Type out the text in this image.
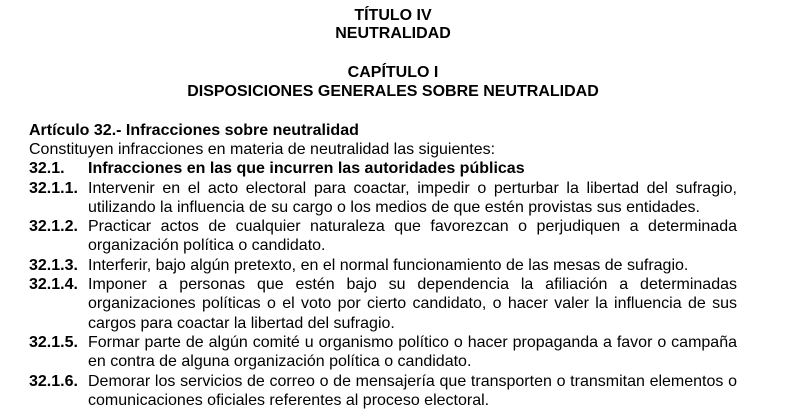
TÍTULO IV
NEUTRALIDAD
CAPÍTULO I
DISPOSICIONES GENERALES SOBRE NEUTRALIDAD
Artículo 32.- Infracciones sobre neutralidad
Constituyen infracciones en materia de neutralidad las siguientes:
32.1. Infracciones en las que incurren las autoridades públicas
32.1.1. Intervenir en el acto electoral para coactar, impedir o perturbar la libertad del sufragio, utilizando la influencia de su cargo o los medios de que estén provistas sus entidades.
32.1.2. Practicar actos de cualquier naturaleza que favorezcan o perjudiquen a determinada organización política o candidato.
32.1.3. Interferir, bajo algún pretexto, en el normal funcionamiento de las mesas de sufragio.
32.1.4. Imponer a personas que estén bajo su dependencia la afiliación a determinadas organizaciones políticas o el voto por cierto candidato, o hacer valer la influencia de sus cargos para coactar la libertad del sufragio.
32.1.5. Formar parte de algún comité u organismo político o hacer propaganda a favor o campaña en contra de alguna organización política o candidato.
32.1.6. Demorar los servicios de correo o de mensajería que transporten o transmitan elementos o comunicaciones oficiales referentes al proceso electoral.
